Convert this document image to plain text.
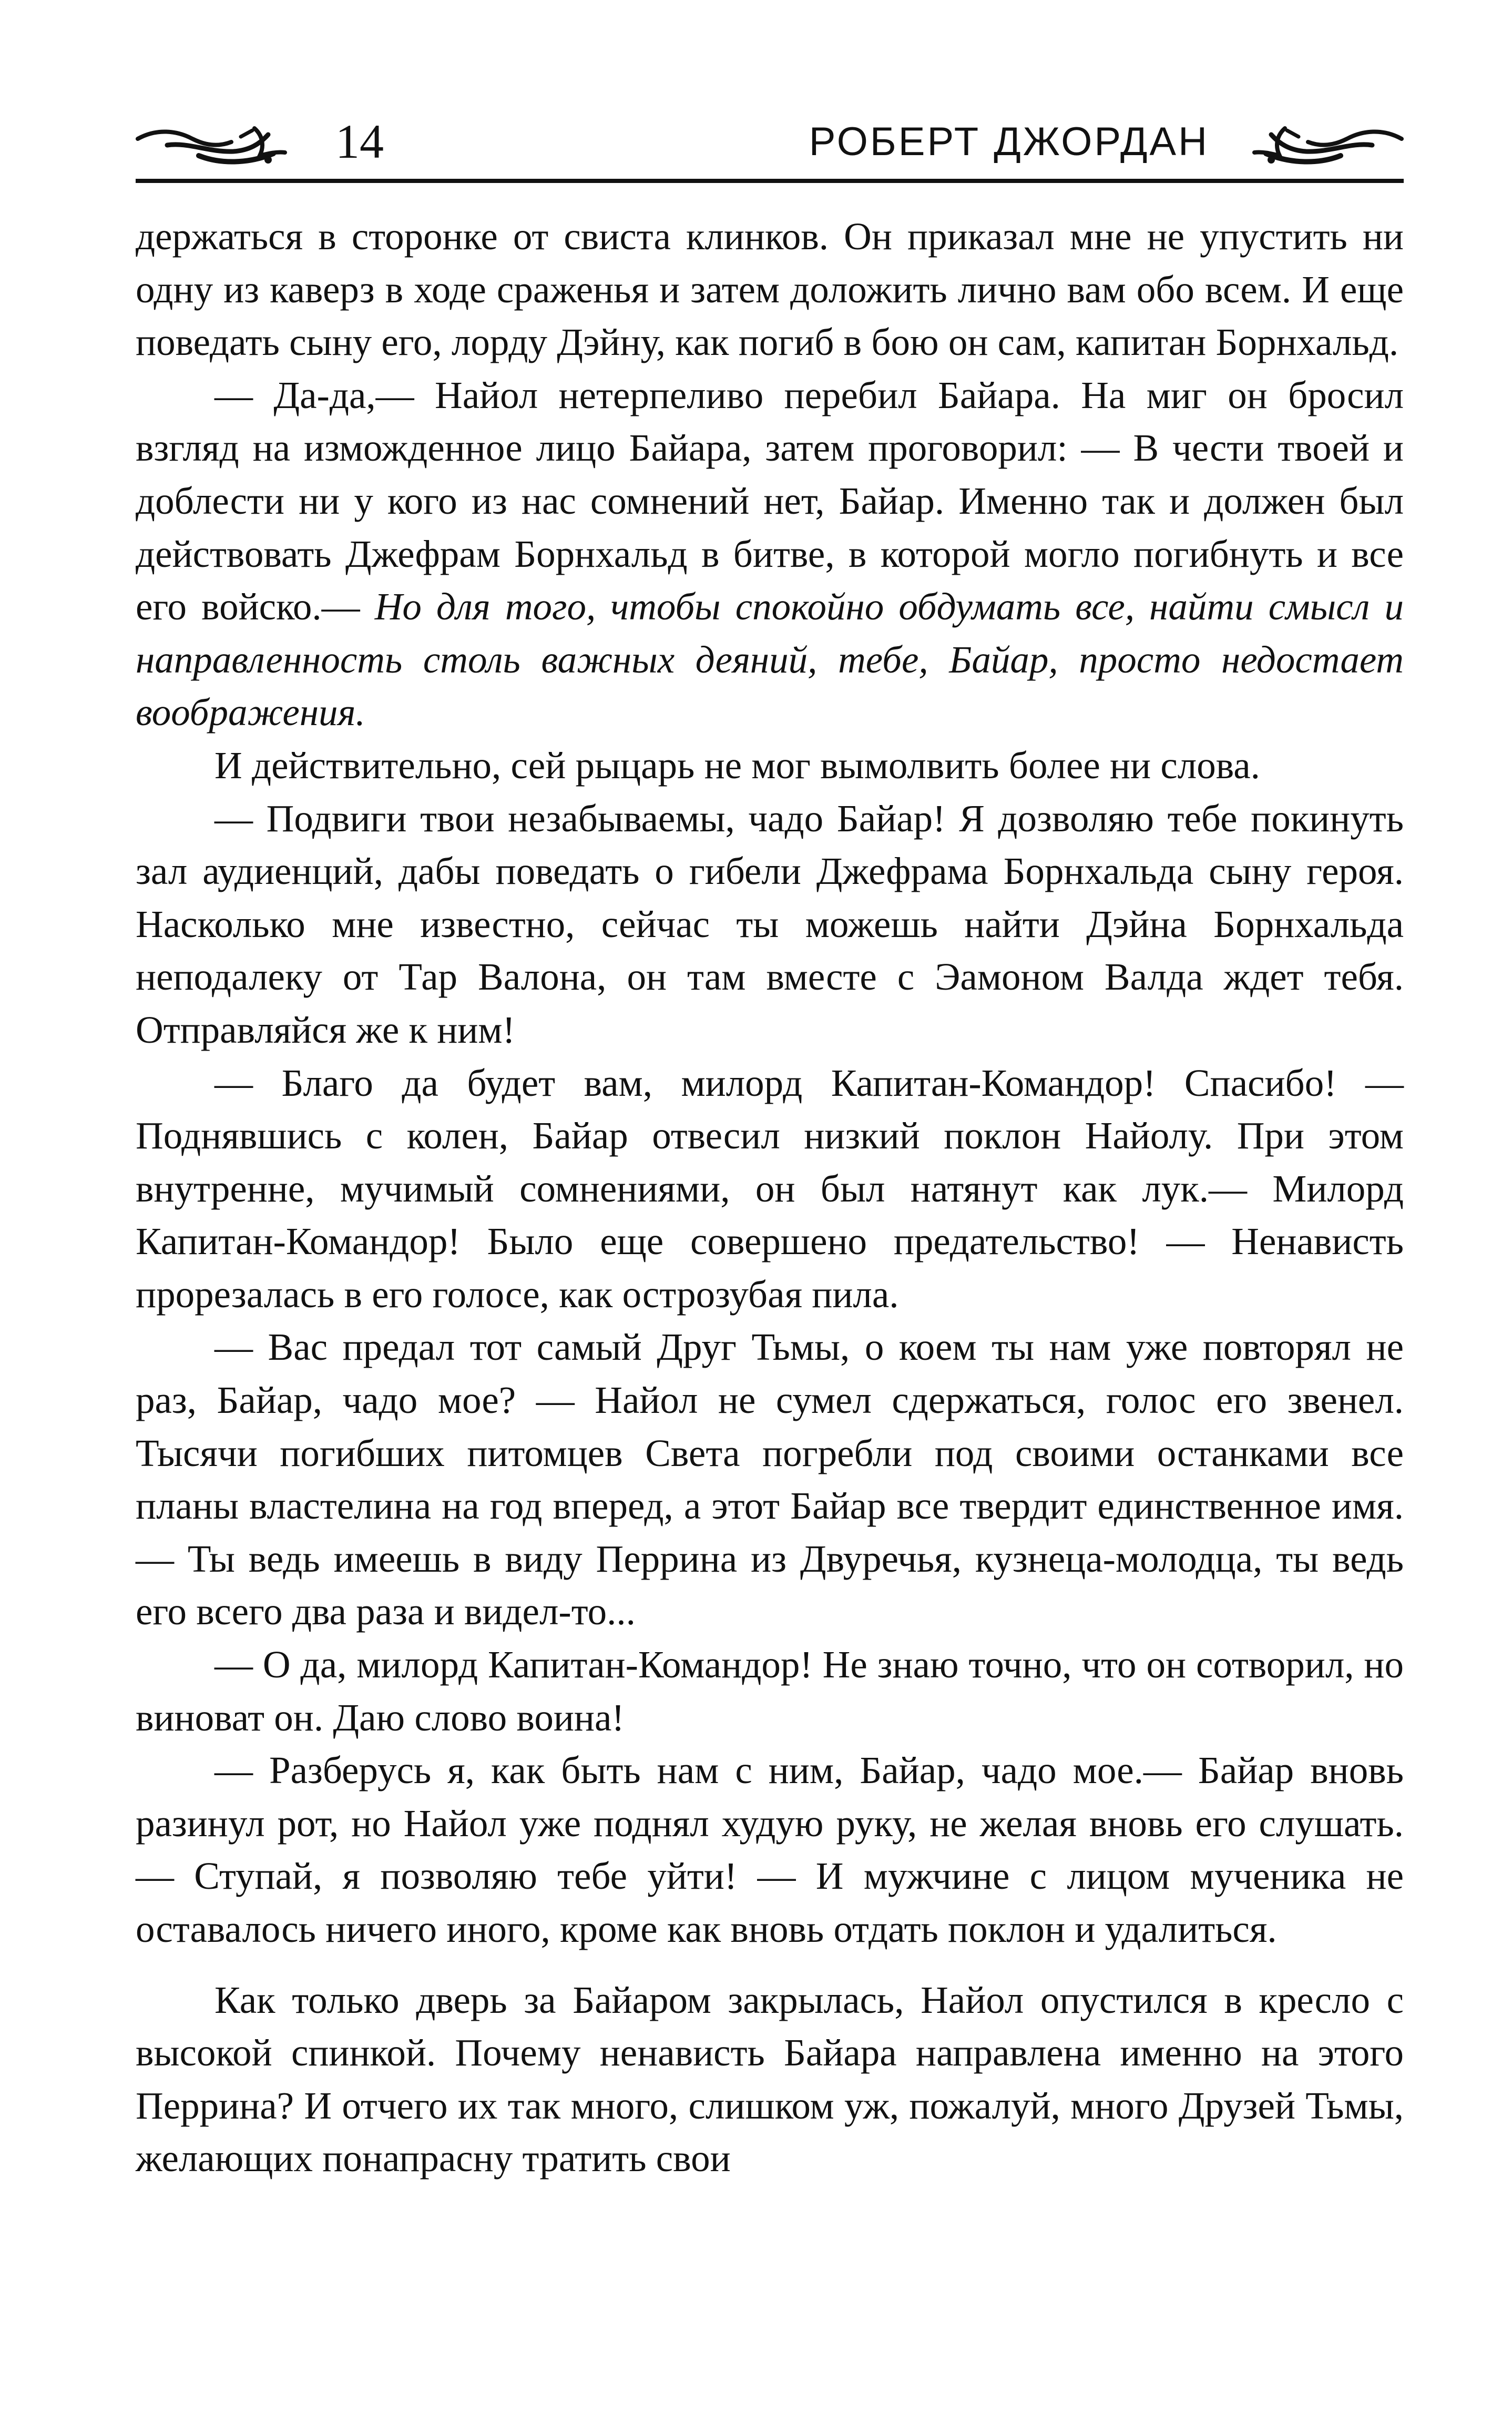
14	РОБЕРТ ДЖОРДАН

держаться в сторонке от свиста клинков. Он приказал мне не упустить ни одну из каверз в ходе сраженья и затем доложить лично вам обо всем. И еще поведать сыну его, лорду Дэйну, как погиб в бою он сам, капитан Борнхальд.

— Да-да,— Найол нетерпеливо перебил Байара. На миг он бросил взгляд на изможденное лицо Байара, затем проговорил: — В чести твоей и доблести ни у кого из нас сомнений нет, Байар. Именно так и должен был действовать Джефрам Борнхальд в битве, в которой могло погибнуть и все его войско.— Но для того, чтобы спокойно обдумать все, найти смысл и направленность столь важных деяний, тебе, Байар, просто недостает воображения.

И действительно, сей рыцарь не мог вымолвить более ни слова.

— Подвиги твои незабываемы, чадо Байар! Я дозволяю тебе покинуть зал аудиенций, дабы поведать о гибели Джефрама Борнхальда сыну героя. Насколько мне известно, сейчас ты можешь найти Дэйна Борнхальда неподалеку от Тар Валона, он там вместе с Эамоном Валда ждет тебя. Отправляйся же к ним!

— Благо да будет вам, милорд Капитан-Командор! Спасибо! — Поднявшись с колен, Байар отвесил низкий поклон Найолу. При этом внутренне, мучимый сомнениями, он был натянут как лук.— Милорд Капитан-Командор! Было еще совершено предательство! — Ненависть прорезалась в его голосе, как острозубая пила.

— Вас предал тот самый Друг Тьмы, о коем ты нам уже повторял не раз, Байар, чадо мое? — Найол не сумел сдержаться, голос его звенел. Тысячи погибших питомцев Света погребли под своими останками все планы властелина на год вперед, а этот Байар все твердит единственное имя.— Ты ведь имеешь в виду Перрина из Двуречья, кузнеца-молодца, ты ведь его всего два раза и видел-то...

— О да, милорд Капитан-Командор! Не знаю точно, что он сотворил, но виноват он. Даю слово воина!

— Разберусь я, как быть нам с ним, Байар, чадо мое.— Байар вновь разинул рот, но Найол уже поднял худую руку, не желая вновь его слушать.— Ступай, я позволяю тебе уйти! — И мужчине с лицом мученика не оставалось ничего иного, кроме как вновь отдать поклон и удалиться.

Как только дверь за Байаром закрылась, Найол опустился в кресло с высокой спинкой. Почему ненависть Байара направлена именно на этого Перрина? И отчего их так много, слишком уж, пожалуй, много Друзей Тьмы, желающих понапрасну тратить свои
